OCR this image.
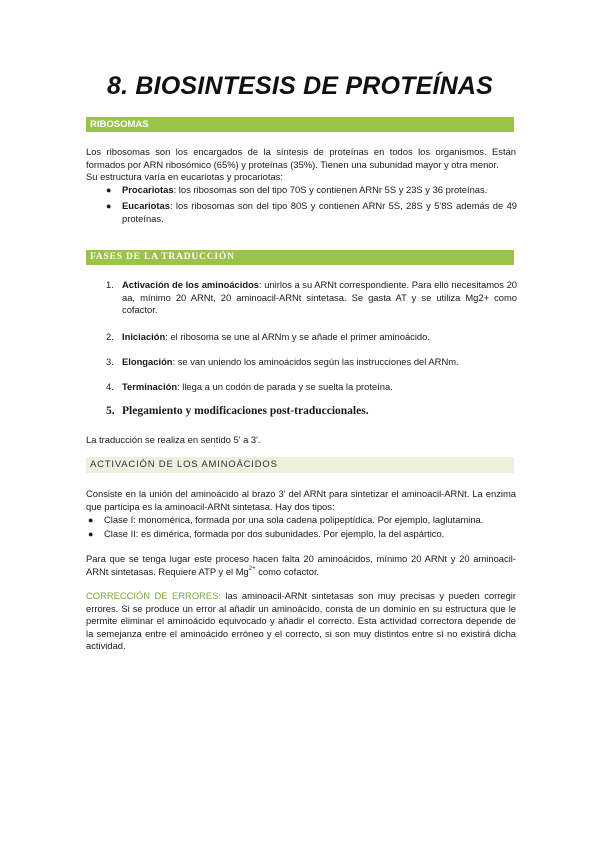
8. BIOSINTESIS DE PROTEÍNAS
RIBOSOMAS
Los ribosomas son los encargados de la síntesis de proteínas en todos los organismos. Están formados por ARN ribosómico (65%) y proteínas (35%). Tienen una subunidad mayor y otra menor.
Su estructura varía en eucariotas y procariotas:
● Procariotas: los ribosomas son del tipo 70S y contienen ARNr 5S y 23S y 36 proteínas.
● Eucariotas: los ribosomas son del tipo 80S y contienen ARNr 5S, 28S y 5'8S además de 49 proteínas.
FASES DE LA TRADUCCIÓN
1. Activación de los aminoácidos: unirlos a su ARNt correspondiente. Para ello necesitamos 20 aa, mínimo 20 ARNt, 20 aminoacil-ARNt sintetasa. Se gasta AT y se utiliza Mg2+ como cofactor.
2. Iniciación: el ribosoma se une al ARNm y se añade el primer aminoácido.
3. Elongación: se van uniendo los aminoácidos según las instrucciones del ARNm.
4. Terminación: llega a un codón de parada y se suelta la proteína.
5. Plegamiento y modificaciones post-traduccionales.
La traducción se realiza en sentido 5' a 3'.
ACTIVACIÓN DE LOS AMINOÁCIDOS
Consiste en la unión del aminoácido al brazo 3' del ARNt para sintetizar el aminoacil-ARNt. La enzima que participa es la aminoacil-ARNt sintetasa. Hay dos tipos:
● Clase I: monomérica, formada por una sola cadena polipeptídica. Por ejemplo, laglutamina.
● Clase II: es dimérica, formada por dos subunidades. Por ejemplo, la del aspártico.
Para que se tenga lugar este proceso hacen falta 20 aminoácidos, mínimo 20 ARNt y 20 aminoacil-ARNt sintetasas. Requiere ATP y el $Mg^{2+}$ como cofactor.
CORRECCIÓN DE ERRORES: las aminoacil-ARNt sintetasas son muy precisas y pueden corregir errores. Si se produce un error al añadir un aminoácido, consta de un dominio en su estructura que le permite eliminar el aminoácido equivocado y añadir el correcto. Esta actividad correctora depende de la semejanza entre el aminoácido erróneo y el correcto, si son muy distintos entre sí no existirá dicha actividad.
